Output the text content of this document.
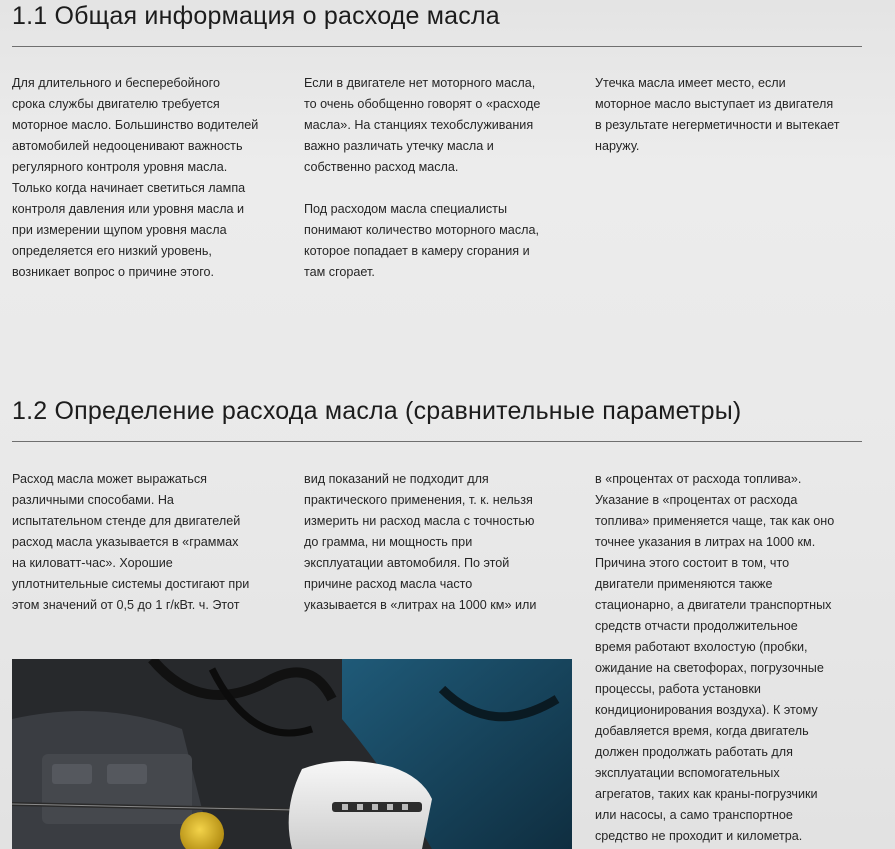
1.1 Общая информация о расходе масла

Для длительного и бесперебойного
срока службы двигателю требуется
моторное масло. Большинство водителей
автомобилей недооценивают важность
регулярного контроля уровня масла.
Только когда начинает светиться лампа
контроля давления или уровня масла и
при измерении щупом уровня масла
определяется его низкий уровень,
возникает вопрос о причине этого.

Если в двигателе нет моторного масла,
то очень обобщенно говорят о «расходе
масла». На станциях техобслуживания
важно различать утечку масла и
собственно расход масла.

Под расходом масла специалисты
понимают количество моторного масла,
которое попадает в камеру сгорания и
там сгорает.

Утечка масла имеет место, если
моторное масло выступает из двигателя
в результате негерметичности и вытекает
наружу.

1.2 Определение расхода масла (сравнительные параметры)

Расход масла может выражаться
различными способами. На
испытательном стенде для двигателей
расход масла указывается в «граммах
на киловатт-час». Хорошие
уплотнительные системы достигают при
этом значений от 0,5 до 1 г/кВт. ч. Этот

вид показаний не подходит для
практического применения, т. к. нельзя
измерить ни расход масла с точностью
до грамма, ни мощность при
эксплуатации автомобиля. По этой
причине расход масла часто
указывается в «литрах на 1000 км» или

в «процентах от расхода топлива».
Указание в «процентах от расхода
топлива» применяется чаще, так как оно
точнее указания в литрах на 1000 км.
Причина этого состоит в том, что
двигатели применяются также
стационарно, а двигатели транспортных
средств отчасти продолжительное
время работают вхолостую (пробки,
ожидание на светофорах, погрузочные
процессы, работа установки
кондиционирования воздуха). К этому
добавляется время, когда двигатель
должен продолжать работать для
эксплуатации вспомогательных
агрегатов, таких как краны-погрузчики
или насосы, а само транспортное
средство не проходит и километра.
